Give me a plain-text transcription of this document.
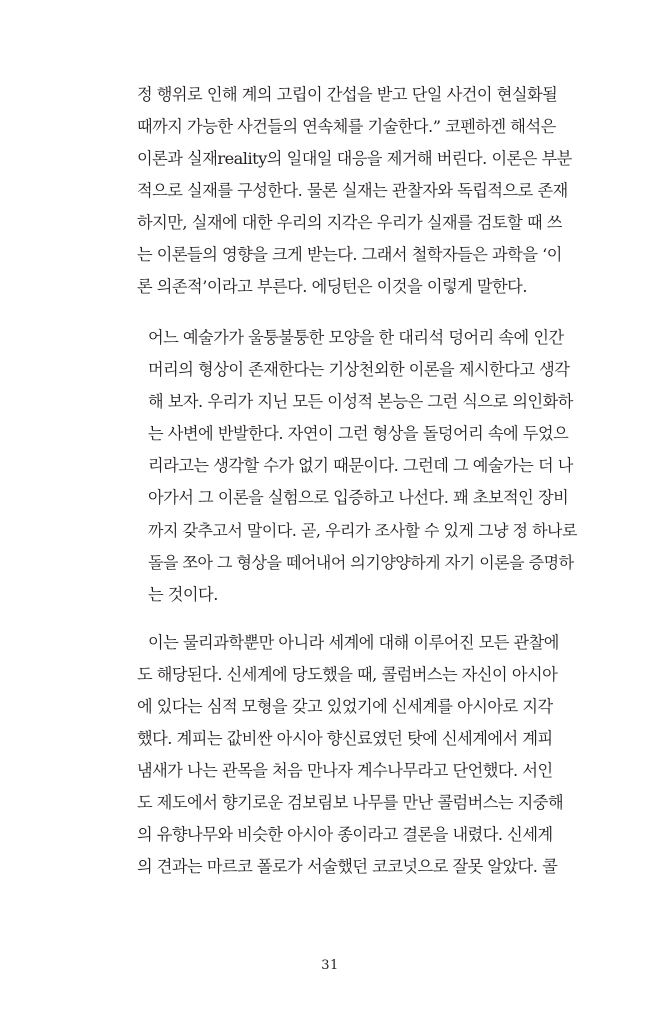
정 행위로 인해 계의 고립이 간섭을 받고 단일 사건이 현실화될
때까지 가능한 사건들의 연속체를 기술한다.” 코펜하겐 해석은
이론과 실재reality의 일대일 대응을 제거해 버린다. 이론은 부분
적으로 실재를 구성한다. 물론 실재는 관찰자와 독립적으로 존재
하지만, 실재에 대한 우리의 지각은 우리가 실재를 검토할 때 쓰
는 이론들의 영향을 크게 받는다. 그래서 철학자들은 과학을 ‘이
론 의존적’이라고 부른다. 에딩턴은 이것을 이렇게 말한다.
어느 예술가가 울퉁불퉁한 모양을 한 대리석 덩어리 속에 인간
머리의 형상이 존재한다는 기상천외한 이론을 제시한다고 생각
해 보자. 우리가 지닌 모든 이성적 본능은 그런 식으로 의인화하
는 사변에 반발한다. 자연이 그런 형상을 돌덩어리 속에 두었으
리라고는 생각할 수가 없기 때문이다. 그런데 그 예술가는 더 나
아가서 그 이론을 실험으로 입증하고 나선다. 꽤 초보적인 장비
까지 갖추고서 말이다. 곧, 우리가 조사할 수 있게 그냥 정 하나로
돌을 쪼아 그 형상을 떼어내어 의기양양하게 자기 이론을 증명하
는 것이다.
이는 물리과학뿐만 아니라 세계에 대해 이루어진 모든 관찰에
도 해당된다. 신세계에 당도했을 때, 콜럼버스는 자신이 아시아
에 있다는 심적 모형을 갖고 있었기에 신세계를 아시아로 지각
했다. 계피는 값비싼 아시아 향신료였던 탓에 신세계에서 계피
냄새가 나는 관목을 처음 만나자 계수나무라고 단언했다. 서인
도 제도에서 향기로운 검보림보 나무를 만난 콜럼버스는 지중해
의 유향나무와 비슷한 아시아 종이라고 결론을 내렸다. 신세계
의 견과는 마르코 폴로가 서술했던 코코넛으로 잘못 알았다. 콜
31
